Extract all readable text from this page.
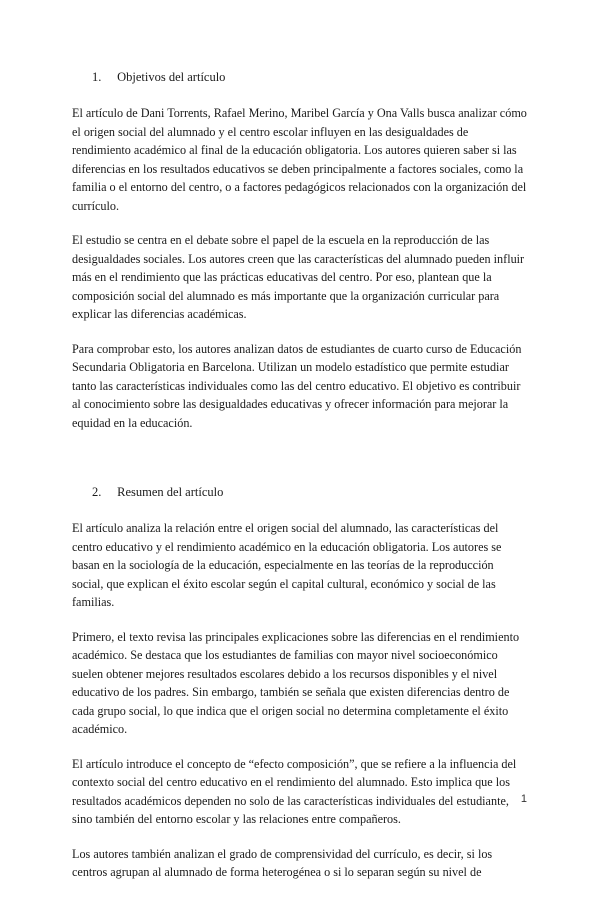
1. Objetivos del artículo

El artículo de Dani Torrents, Rafael Merino, Maribel García y Ona Valls busca analizar cómo el origen social del alumnado y el centro escolar influyen en las desigualdades de rendimiento académico al final de la educación obligatoria. Los autores quieren saber si las diferencias en los resultados educativos se deben principalmente a factores sociales, como la familia o el entorno del centro, o a factores pedagógicos relacionados con la organización del currículo.

El estudio se centra en el debate sobre el papel de la escuela en la reproducción de las desigualdades sociales. Los autores creen que las características del alumnado pueden influir más en el rendimiento que las prácticas educativas del centro. Por eso, plantean que la composición social del alumnado es más importante que la organización curricular para explicar las diferencias académicas.

Para comprobar esto, los autores analizan datos de estudiantes de cuarto curso de Educación Secundaria Obligatoria en Barcelona. Utilizan un modelo estadístico que permite estudiar tanto las características individuales como las del centro educativo. El objetivo es contribuir al conocimiento sobre las desigualdades educativas y ofrecer información para mejorar la equidad en la educación.

2. Resumen del artículo

El artículo analiza la relación entre el origen social del alumnado, las características del centro educativo y el rendimiento académico en la educación obligatoria. Los autores se basan en la sociología de la educación, especialmente en las teorías de la reproducción social, que explican el éxito escolar según el capital cultural, económico y social de las familias.

Primero, el texto revisa las principales explicaciones sobre las diferencias en el rendimiento académico. Se destaca que los estudiantes de familias con mayor nivel socioeconómico suelen obtener mejores resultados escolares debido a los recursos disponibles y el nivel educativo de los padres. Sin embargo, también se señala que existen diferencias dentro de cada grupo social, lo que indica que el origen social no determina completamente el éxito académico.

El artículo introduce el concepto de “efecto composición”, que se refiere a la influencia del contexto social del centro educativo en el rendimiento del alumnado. Esto implica que los resultados académicos dependen no solo de las características individuales del estudiante, sino también del entorno escolar y las relaciones entre compañeros.

Los autores también analizan el grado de comprensividad del currículo, es decir, si los centros agrupan al alumnado de forma heterogénea o si lo separan según su nivel de

1
